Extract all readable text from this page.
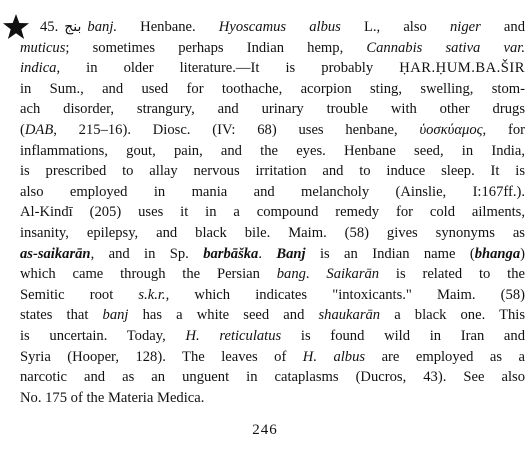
45. بنج banj. Henbane. Hyoscamus albus L., also niger and
muticus; sometimes perhaps Indian hemp, Cannabis sativa var.
indica, in older literature.—It is probably ḤAR.ḤUM.BA.ŠIR
in Sum., and used for toothache, acorpion sting, swelling, stom-
ach disorder, strangury, and urinary trouble with other drugs
(DAB, 215–16). Diosc. (IV: 68) uses henbane, ὑοσκύαμος, for
inflammations, gout, pain, and the eyes. Henbane seed, in India,
is prescribed to allay nervous irritation and to induce sleep. It is
also employed in mania and melancholy (Ainslie, I:167ff.).
Al-Kindī (205) uses it in a compound remedy for cold ailments,
insanity, epilepsy, and black bile. Maim. (58) gives synonyms as
as-saikarān, and in Sp. barbāška. Banj is an Indian name (bhanga)
which came through the Persian bang. Saikarān is related to the
Semitic root s.k.r., which indicates "intoxicants." Maim. (58)
states that banj has a white seed and shaukarān a black one. This
is uncertain. Today, H. reticulatus is found wild in Iran and
Syria (Hooper, 128). The leaves of H. albus are employed as a
narcotic and as an unguent in cataplasms (Ducros, 43). See also
No. 175 of the Materia Medica.
246
